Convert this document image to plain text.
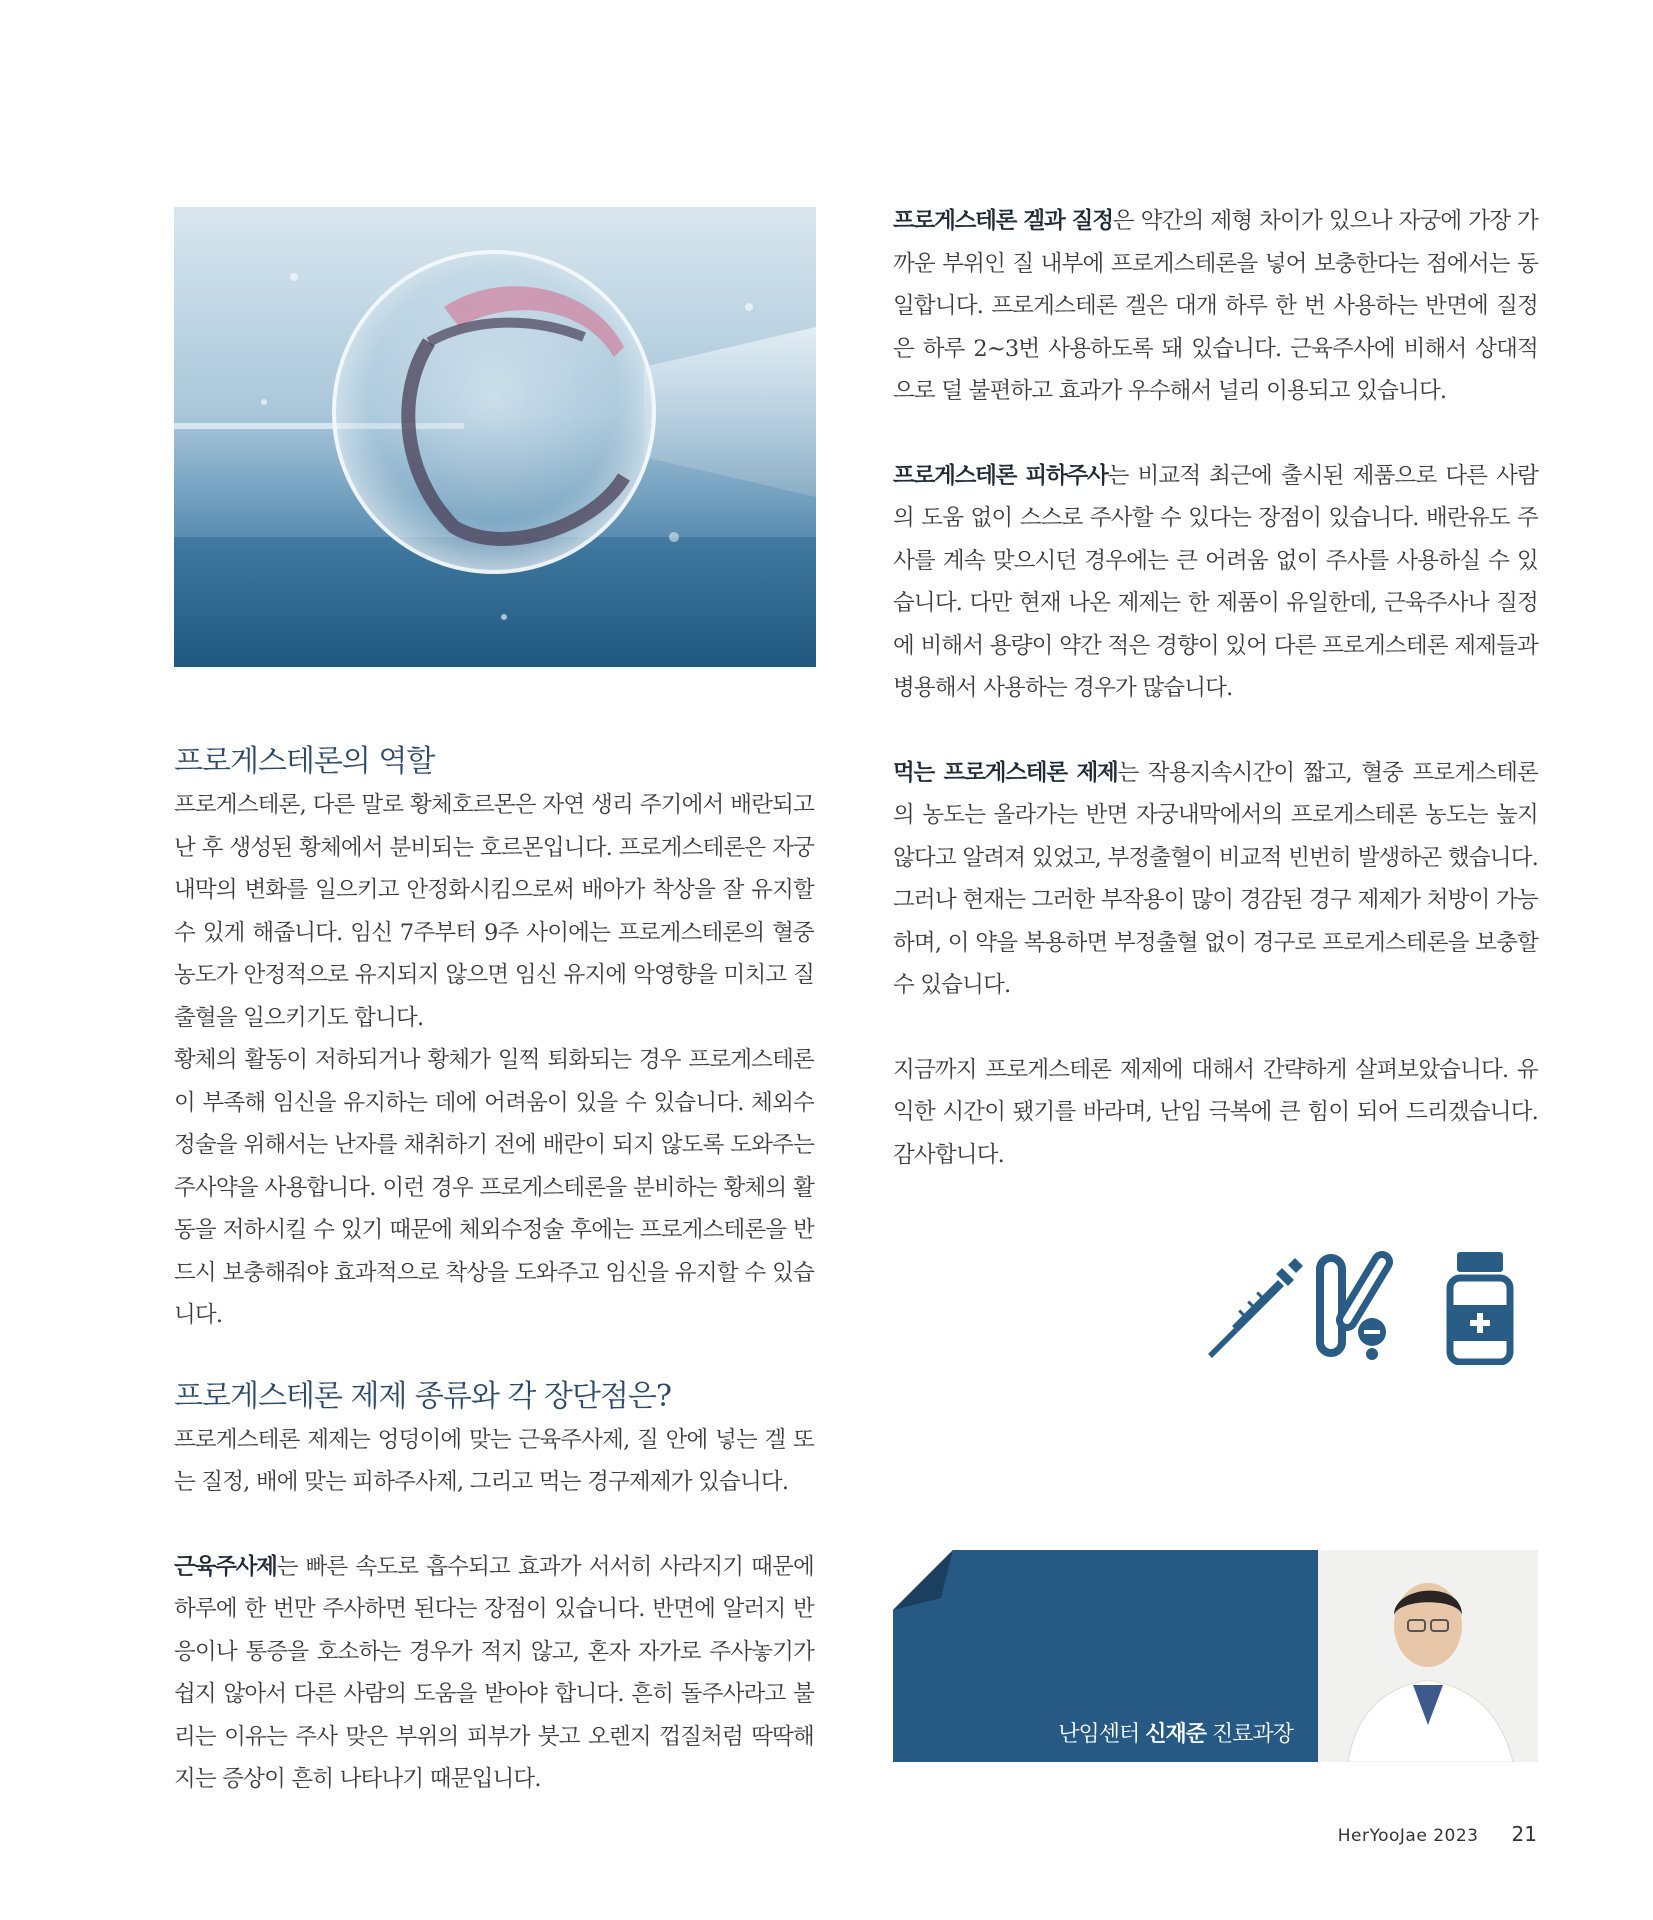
프로게스테론의 역할

프로게스테론, 다른 말로 황체호르몬은 자연 생리 주기에서 배란되고 난 후 생성된 황체에서 분비되는 호르몬입니다. 프로게스테론은 자궁내막의 변화를 일으키고 안정화시킴으로써 배아가 착상을 잘 유지할 수 있게 해줍니다. 임신 7주부터 9주 사이에는 프로게스테론의 혈중 농도가 안정적으로 유지되지 않으면 임신 유지에 악영향을 미치고 질출혈을 일으키기도 합니다.

황체의 활동이 저하되거나 황체가 일찍 퇴화되는 경우 프로게스테론이 부족해 임신을 유지하는 데에 어려움이 있을 수 있습니다. 체외수정술을 위해서는 난자를 채취하기 전에 배란이 되지 않도록 도와주는 주사약을 사용합니다. 이런 경우 프로게스테론을 분비하는 황체의 활동을 저하시킬 수 있기 때문에 체외수정술 후에는 프로게스테론을 반드시 보충해줘야 효과적으로 착상을 도와주고 임신을 유지할 수 있습니다.

프로게스테론 제제 종류와 각 장단점은?

프로게스테론 제제는 엉덩이에 맞는 근육주사제, 질 안에 넣는 겔 또는 질정, 배에 맞는 피하주사제, 그리고 먹는 경구제제가 있습니다.

근육주사제는 빠른 속도로 흡수되고 효과가 서서히 사라지기 때문에 하루에 한 번만 주사하면 된다는 장점이 있습니다. 반면에 알러지 반응이나 통증을 호소하는 경우가 적지 않고, 혼자 자가로 주사놓기가 쉽지 않아서 다른 사람의 도움을 받아야 합니다. 흔히 돌주사라고 불리는 이유는 주사 맞은 부위의 피부가 붓고 오렌지 껍질처럼 딱딱해지는 증상이 흔히 나타나기 때문입니다.

프로게스테론 겔과 질정은 약간의 제형 차이가 있으나 자궁에 가장 가까운 부위인 질 내부에 프로게스테론을 넣어 보충한다는 점에서는 동일합니다. 프로게스테론 겔은 대개 하루 한 번 사용하는 반면에 질정은 하루 2~3번 사용하도록 돼 있습니다. 근육주사에 비해서 상대적으로 덜 불편하고 효과가 우수해서 널리 이용되고 있습니다.

프로게스테론 피하주사는 비교적 최근에 출시된 제품으로 다른 사람의 도움 없이 스스로 주사할 수 있다는 장점이 있습니다. 배란유도 주사를 계속 맞으시던 경우에는 큰 어려움 없이 주사를 사용하실 수 있습니다. 다만 현재 나온 제제는 한 제품이 유일한데, 근육주사나 질정에 비해서 용량이 약간 적은 경향이 있어 다른 프로게스테론 제제들과 병용해서 사용하는 경우가 많습니다.

먹는 프로게스테론 제제는 작용지속시간이 짧고, 혈중 프로게스테론의 농도는 올라가는 반면 자궁내막에서의 프로게스테론 농도는 높지 않다고 알려져 있었고, 부정출혈이 비교적 빈번히 발생하곤 했습니다. 그러나 현재는 그러한 부작용이 많이 경감된 경구 제제가 처방이 가능하며, 이 약을 복용하면 부정출혈 없이 경구로 프로게스테론을 보충할 수 있습니다.

지금까지 프로게스테론 제제에 대해서 간략하게 살펴보았습니다. 유익한 시간이 됐기를 바라며, 난임 극복에 큰 힘이 되어 드리겠습니다. 감사합니다.

난임센터 신재준 진료과장
HerYooJae 2023 21
